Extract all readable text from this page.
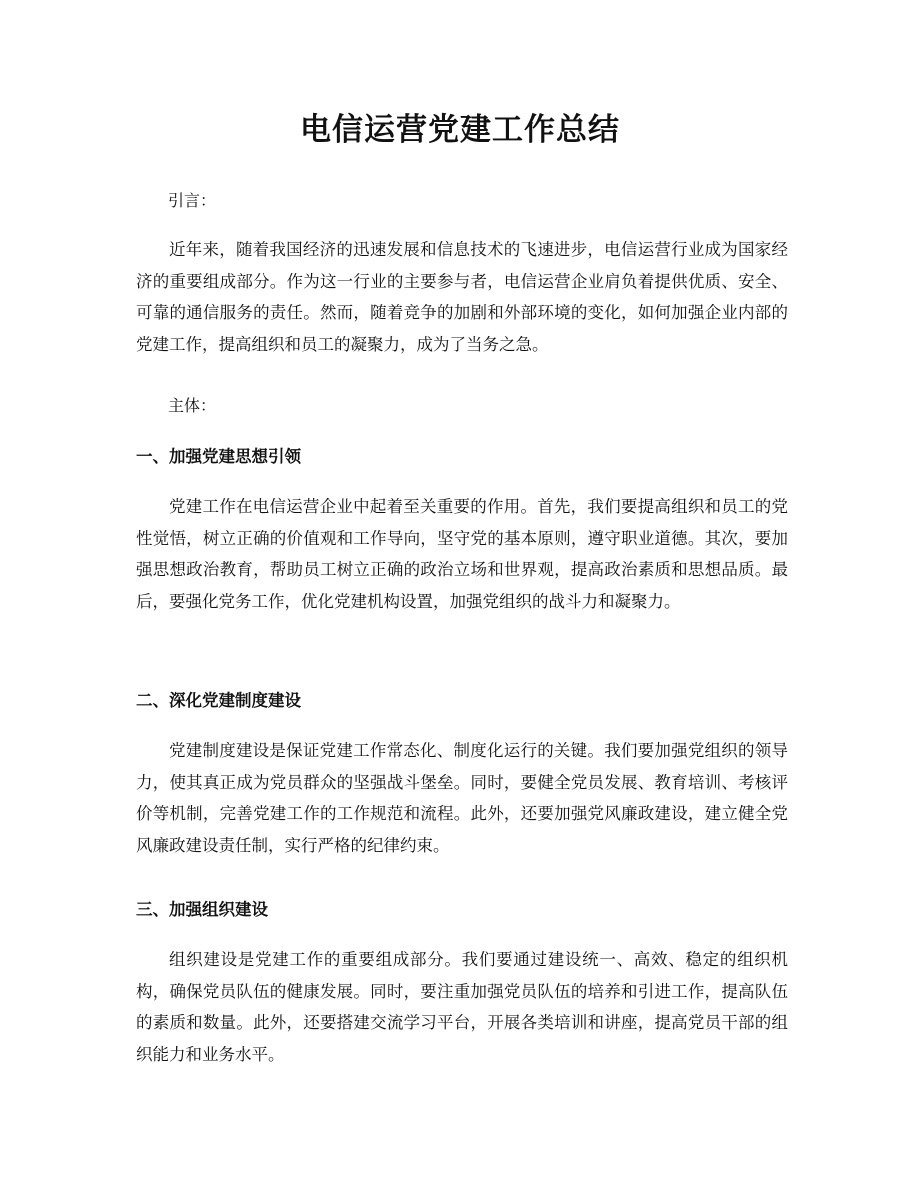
电信运营党建工作总结

引言：

近年来，随着我国经济的迅速发展和信息技术的飞速进步，电信运营行业成为国家经济的重要组成部分。作为这一行业的主要参与者，电信运营企业肩负着提供优质、安全、可靠的通信服务的责任。然而，随着竞争的加剧和外部环境的变化，如何加强企业内部的党建工作，提高组织和员工的凝聚力，成为了当务之急。

主体：

一、加强党建思想引领

党建工作在电信运营企业中起着至关重要的作用。首先，我们要提高组织和员工的党性觉悟，树立正确的价值观和工作导向，坚守党的基本原则，遵守职业道德。其次，要加强思想政治教育，帮助员工树立正确的政治立场和世界观，提高政治素质和思想品质。最后，要强化党务工作，优化党建机构设置，加强党组织的战斗力和凝聚力。

二、深化党建制度建设

党建制度建设是保证党建工作常态化、制度化运行的关键。我们要加强党组织的领导力，使其真正成为党员群众的坚强战斗堡垒。同时，要健全党员发展、教育培训、考核评价等机制，完善党建工作的工作规范和流程。此外，还要加强党风廉政建设，建立健全党风廉政建设责任制，实行严格的纪律约束。

三、加强组织建设

组织建设是党建工作的重要组成部分。我们要通过建设统一、高效、稳定的组织机构，确保党员队伍的健康发展。同时，要注重加强党员队伍的培养和引进工作，提高队伍的素质和数量。此外，还要搭建交流学习平台，开展各类培训和讲座，提高党员干部的组织能力和业务水平。
